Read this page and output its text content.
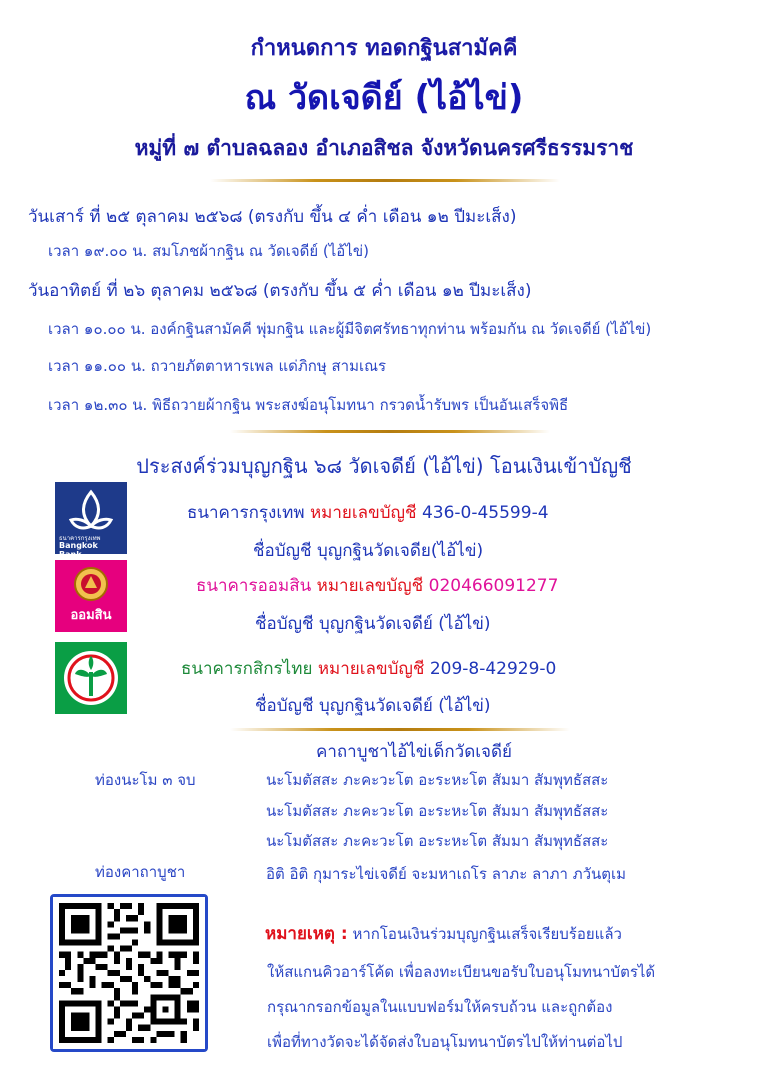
กำหนดการ ทอดกฐินสามัคคี
ณ วัดเจดีย์ (ไอ้ไข่)
หมู่ที่ ๗ ตำบลฉลอง อำเภอสิชล จังหวัดนครศรีธรรมราช
วันเสาร์ ที่ ๒๕ ตุลาคม ๒๕๖๘ (ตรงกับ ขึ้น ๔ ค่ำ เดือน ๑๒ ปีมะเส็ง)
เวลา ๑๙.๐๐ น. สมโภชผ้ากฐิน ณ วัดเจดีย์ (ไอ้ไข่)
วันอาทิตย์ ที่ ๒๖ ตุลาคม ๒๕๖๘ (ตรงกับ ขึ้น ๕ ค่ำ เดือน ๑๒ ปีมะเส็ง)
เวลา ๑๐.๐๐ น. องค์กฐินสามัคคี พุ่มกฐิน และผู้มีจิตศรัทธาทุกท่าน พร้อมกัน ณ วัดเจดีย์ (ไอ้ไข่)
เวลา ๑๑.๐๐ น. ถวายภัตตาหารเพล แด่ภิกษุ สามเณร
เวลา ๑๒.๓๐ น. พิธีถวายผ้ากฐิน พระสงฆ์อนุโมทนา กรวดน้ำรับพร เป็นอันเสร็จพิธี
ประสงค์ร่วมบุญกฐิน ๖๘ วัดเจดีย์ (ไอ้ไข่) โอนเงินเข้าบัญชี
ธนาคารกรุงเทพ
Bangkok Bank
ธนาคารกรุงเทพ หมายเลขบัญชี 436-0-45599-4
ชื่อบัญชี บุญกฐินวัดเจดีย(ไอ้ไข่)
ออมสิน
ธนาคารออมสิน หมายเลขบัญชี 020466091277
ชื่อบัญชี บุญกฐินวัดเจดีย์ (ไอ้ไข่)
ธนาคารกสิกรไทย หมายเลขบัญชี 209-8-42929-0
ชื่อบัญชี บุญกฐินวัดเจดีย์ (ไอ้ไข่)
คาถาบูชาไอ้ไข่เด็กวัดเจดีย์
ท่องนะโม ๓ จบ	นะโมตัสสะ ภะคะวะโต อะระหะโต สัมมา สัมพุทธัสสะ
นะโมตัสสะ ภะคะวะโต อะระหะโต สัมมา สัมพุทธัสสะ
นะโมตัสสะ ภะคะวะโต อะระหะโต สัมมา สัมพุทธัสสะ
ท่องคาถาบูชา	อิติ อิติ กุมาระไข่เจดีย์ จะมหาเถโร ลาภะ ลาภา ภวันตุเม
หมายเหตุ : หากโอนเงินร่วมบุญกฐินเสร็จเรียบร้อยแล้ว
ให้สแกนคิวอาร์โค้ด เพื่อลงทะเบียนขอรับใบอนุโมทนาบัตรได้
กรุณากรอกข้อมูลในแบบฟอร์มให้ครบถ้วน และถูกต้อง
เพื่อที่ทางวัดจะได้จัดส่งใบอนุโมทนาบัตรไปให้ท่านต่อไป
